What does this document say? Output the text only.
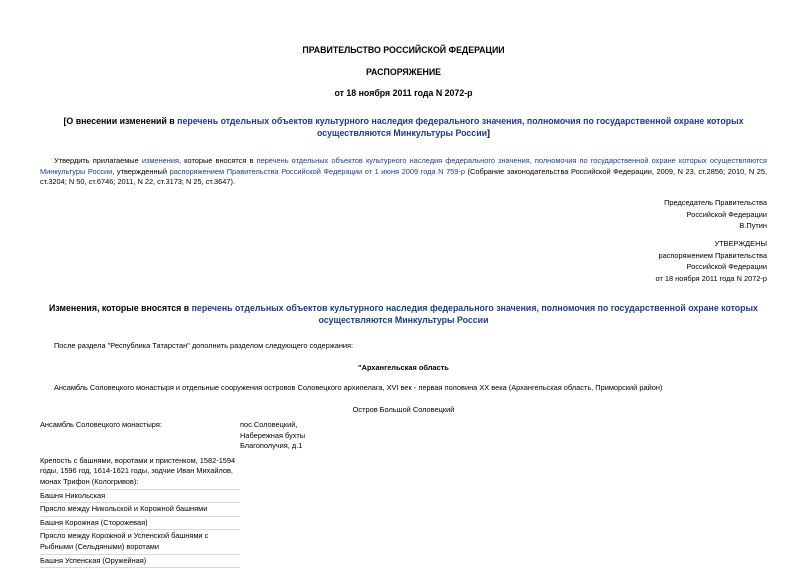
ПРАВИТЕЛЬСТВО РОССИЙСКОЙ ФЕДЕРАЦИИ
РАСПОРЯЖЕНИЕ
от 18 ноября 2011 года N 2072-р
[О внесении изменений в перечень отдельных объектов культурного наследия федерального значения, полномочия по государственной охране которых осуществляются Минкультуры России]
Утвердить прилагаемые изменения, которые вносятся в перечень отдельных объектов культурного наследия федерального значения, полномочия по государственной охране которых осуществляются Минкультуры России, утвержденный распоряжением Правительства Российской Федерации от 1 июня 2009 года N 759-р (Собрание законодательства Российской Федерации, 2009, N 23, ст.2856; 2010, N 25, ст.3204; N 50, ст.6746; 2011, N 22, ст.3173; N 25, ст.3647).
Председатель Правительства
Российской Федерации
В.Путин
УТВЕРЖДЕНЫ
распоряжением Правительства
Российской Федерации
от 18 ноября 2011 года N 2072-р
Изменения, которые вносятся в перечень отдельных объектов культурного наследия федерального значения, полномочия по государственной охране которых осуществляются Минкультуры России
После раздела "Республика Татарстан" дополнить разделом следующего содержания:
"Архангельская область
Ансамбль Соловецкого монастыря и отдельные сооружения островов Соловецкого архипелага, XVI век - первая половина XX века (Архангельская область, Приморский район)
Остров Большой Соловецкий
Ансамбль Соловецкого монастыря:	пос.Соловецкий, Набережная бухты Благополучия, д.1
Крепость с башнями, воротами и пристенком, 1582-1594 годы, 1596 год, 1614-1621 годы, зодчие Иван Михайлов, монах Трифон (Кологривов):
Башня Никольская
Прясло между Никольской и Корожной башнями
Башня Корожная (Сторожевая)
Прясло между Корожной и Успенской башнями с Рыбными (Сельдяными) воротами
Башня Успенская (Оружейная)
